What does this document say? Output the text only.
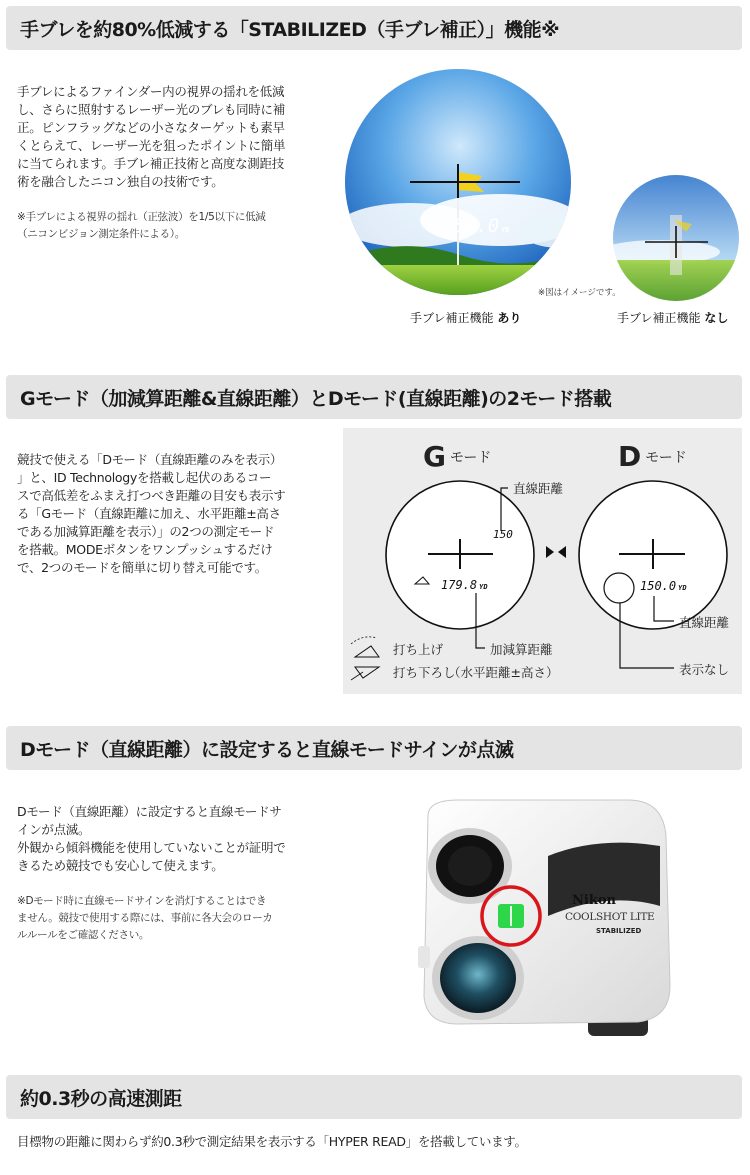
手ブレを約80%低減する「STABILIZED（手ブレ補正）」機能※
手ブレによるファインダー内の視界の揺れを低減
し、さらに照射するレーザー光のブレも同時に補
正。ピンフラッグなどの小さなターゲットも素早
くとらえて、レーザー光を狙ったポイントに簡単
に当てられます。手ブレ補正技術と高度な測距技
術を融合したニコン独自の技術です。
※手ブレによる視界の揺れ（正弦波）を1/5以下に低減
（ニコンビジョン測定条件による）。	150.0 YD
※図はイメージです。
手ブレ補正機能 あり	手ブレ補正機能 なし
Gモード（加減算距離&直線距離）とDモード(直線距離)の2モード搭載
競技で使える「Dモード（直線距離のみを表示）
」と、ID Technologyを搭載し起伏のあるコー
スで高低差をふまえ打つべき距離の目安も表示す
る「Gモード（直線距離に加え、水平距離±高さ
である加減算距離を表示）」の2つの測定モード
を搭載。MODEボタンをワンプッシュするだけ
で、2つのモードを簡単に切り替え可能です。
Gモード	Dモード
直線距離
150
179.8 YD
加減算距離
（水平距離±高さ）
打ち上げ
打ち下ろし
150.0 YD
直線距離
表示なし
Dモード（直線距離）に設定すると直線モードサインが点滅
Dモード（直線距離）に設定すると直線モードサ
インが点滅。
外観から傾斜機能を使用していないことが証明で
きるため競技でも安心して使えます。
※Dモード時に直線モードサインを消灯することはでき
ません。競技で使用する際には、事前に各大会のローカ
ルルールをご確認ください。
Nikon
COOLSHOT LITE
STABILIZED
約0.3秒の高速測距
目標物の距離に関わらず約0.3秒で測定結果を表示する「HYPER READ」を搭載しています。
